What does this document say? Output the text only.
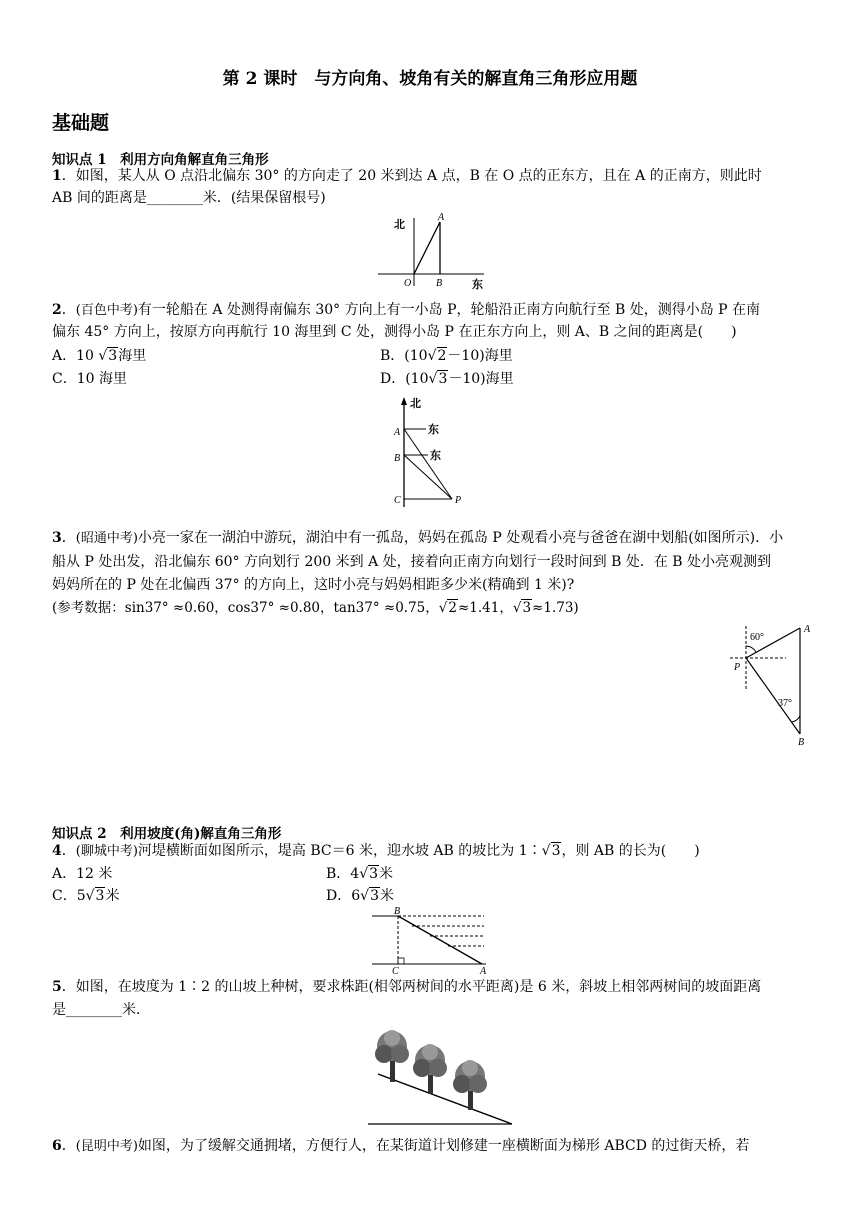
第 2 课时　与方向角、坡角有关的解直角三角形应用题
基础题
知识点 1　利用方向角解直角三角形
1．如图，某人从 O 点沿北偏东 30° 的方向走了 20 米到达 A 点，B 在 O 点的正东方，且在 A 的正南方，则此时
AB 间的距离是________米．(结果保留根号)
北
A
O B	东
2．(百色中考)有一轮船在 A 处测得南偏东 30° 方向上有一小岛 P，轮船沿正南方向航行至 B 处，测得小岛 P 在南
偏东 45° 方向上，按原方向再航行 10 海里到 C 处，测得小岛 P 在正东方向上，则 A、B 之间的距离是(　　)
A．10 √3海里	B．(10√2－10)海里
C．10 海里	D．(10√3－10)海里
北
东
东
A
B
C	P
3．(昭通中考)小亮一家在一湖泊中游玩，湖泊中有一孤岛，妈妈在孤岛 P 处观看小亮与爸爸在湖中划船(如图所示)．小
船从 P 处出发，沿北偏东 60° 方向划行 200 米到 A 处，接着向正南方向划行一段时间到 B 处．在 B 处小亮观测到
妈妈所在的 P 处在北偏西 37° 的方向上，这时小亮与妈妈相距多少米(精确到 1 米)?
(参考数据：sin37° ≈0.60，cos37° ≈0.80，tan37° ≈0.75，√2≈1.41，√3≈1.73)
60°
37°
A
P
B
知识点 2　利用坡度(角)解直角三角形
4．(聊城中考)河堤横断面如图所示，堤高 BC＝6 米，迎水坡 AB 的坡比为 1∶√3，则 AB 的长为(　　)
A．12 米	B．4√3米
C．5√3米	D．6√3米
B
C	A
5．如图，在坡度为 1∶2 的山坡上种树，要求株距(相邻两树间的水平距离)是 6 米，斜坡上相邻两树间的坡面距离
是________米．
6．(昆明中考)如图，为了缓解交通拥堵，方便行人，在某街道计划修建一座横断面为梯形 ABCD 的过街天桥，若
